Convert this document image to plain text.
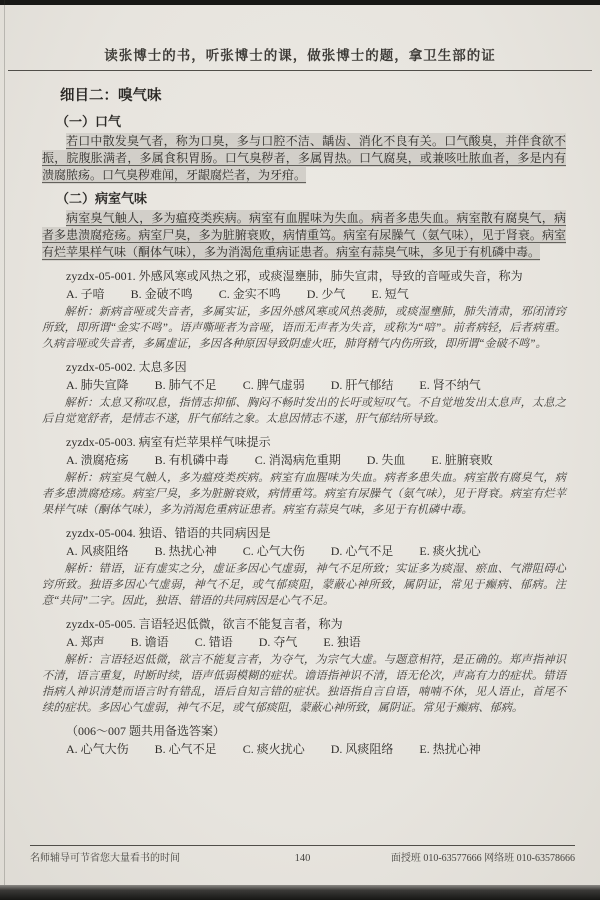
读张博士的书，听张博士的课，做张博士的题，拿卫生部的证
细目二：嗅气味
（一）口气

若口中散发臭气者，称为口臭，多与口腔不洁、龋齿、消化不良有关。口气酸臭，并伴食欲不振，脘腹胀满者，多属食积胃肠。口气臭秽者，多属胃热。口气腐臭，或兼咳吐脓血者，多是内有溃腐脓疡。口气臭秽难闻，牙龈腐烂者，为牙疳。

（二）病室气味

病室臭气触人，多为瘟疫类疾病。病室有血腥味为失血。病者多患失血。病室散有腐臭气，病者多患溃腐疮疡。病室尸臭，多为脏腑衰败，病情重笃。病室有尿臊气（氨气味），见于肾衰。病室有烂苹果样气味（酮体气味），多为消渴危重病证患者。病室有蒜臭气味，多见于有机磷中毒。

zyzdx-05-001. 外感风寒或风热之邪，或痰湿壅肺，肺失宣肃，导致的音哑或失音，称为

A. 子喑 B. 金破不鸣 C. 金实不鸣 D. 少气 E. 短气

解析：新病音哑或失音者，多属实证，多因外感风寒或风热袭肺，或痰湿壅肺，肺失清肃，邪闭清窍所致，即所谓“金实不鸣”。语声嘶哑者为音哑，语而无声者为失音，或称为“喑”。前者病轻，后者病重。久病音哑或失音者，多属虚证，多因各种原因导致阴虚火旺，肺肾精气内伤所致，即所谓“金破不鸣”。

zyzdx-05-002. 太息多因

A. 肺失宣降 B. 肺气不足 C. 脾气虚弱 D. 肝气郁结 E. 肾不纳气

解析：太息又称叹息，指情志抑郁、胸闷不畅时发出的长吁或短叹气。不自觉地发出太息声，太息之后自觉宽舒者，是情志不遂，肝气郁结之象。太息因情志不遂，肝气郁结所导致。

zyzdx-05-003. 病室有烂苹果样气味提示

A. 溃腐疮疡 B. 有机磷中毒 C. 消渴病危重期 D. 失血 E. 脏腑衰败

解析：病室臭气触人，多为瘟疫类疾病。病室有血腥味为失血。病者多患失血。病室散有腐臭气，病者多患溃腐疮疡。病室尸臭，多为脏腑衰败，病情重笃。病室有尿臊气（氨气味），见于肾衰。病室有烂苹果样气味（酮体气味），多为消渴危重病证患者。病室有蒜臭气味，多见于有机磷中毒。

zyzdx-05-004. 独语、错语的共同病因是

A. 风痰阻络 B. 热扰心神 C. 心气大伤 D. 心气不足 E. 痰火扰心

解析：错语，证有虚实之分，虚证多因心气虚弱，神气不足所致；实证多为痰湿、瘀血、气滞阻碍心窍所致。独语多因心气虚弱，神气不足，或气郁痰阻，蒙蔽心神所致，属阴证，常见于癫病、郁病。注意“共同”二字。因此，独语、错语的共同病因是心气不足。

zyzdx-05-005. 言语轻迟低微，欲言不能复言者，称为

A. 郑声 B. 谵语 C. 错语 D. 夺气 E. 独语

解析：言语轻迟低微，欲言不能复言者，为夺气，为宗气大虚。与题意相符，是正确的。郑声指神识不清，语言重复，时断时续，语声低弱模糊的症状。谵语指神识不清，语无伦次，声高有力的症状。错语指病人神识清楚而语言时有错乱，语后自知言错的症状。独语指自言自语，喃喃不休，见人语止，首尾不续的症状。多因心气虚弱，神气不足，或气郁痰阻，蒙蔽心神所致，属阴证。常见于癫病、郁病。

（006～007 题共用备选答案）

A. 心气大伤 B. 心气不足 C. 痰火扰心 D. 风痰阻络 E. 热扰心神
名师辅导可节省您大量看书的时间	140	面授班 010-63577666 网络班 010-63578666
